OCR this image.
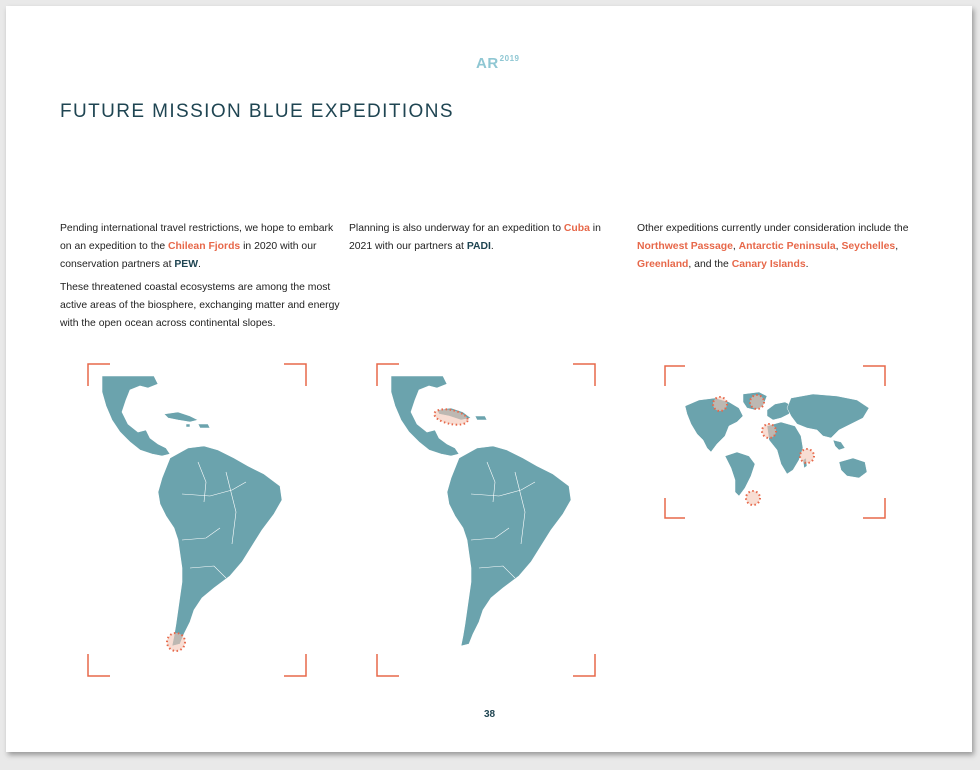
$AR^{2019}$
FUTURE MISSION BLUE EXPEDITIONS

Pending international travel restrictions, we hope to embark on an expedition to the Chilean Fjords in 2020 with our conservation partners at PEW.

These threatened coastal ecosystems are among the most active areas of the biosphere, exchanging matter and energy with the open ocean across continental slopes.

Planning is also underway for an expedition to Cuba in 2021 with our partners at PADI.

Other expeditions currently under consideration include the Northwest Passage, Antarctic Peninsula, Seychelles, Greenland, and the Canary Islands.

38
